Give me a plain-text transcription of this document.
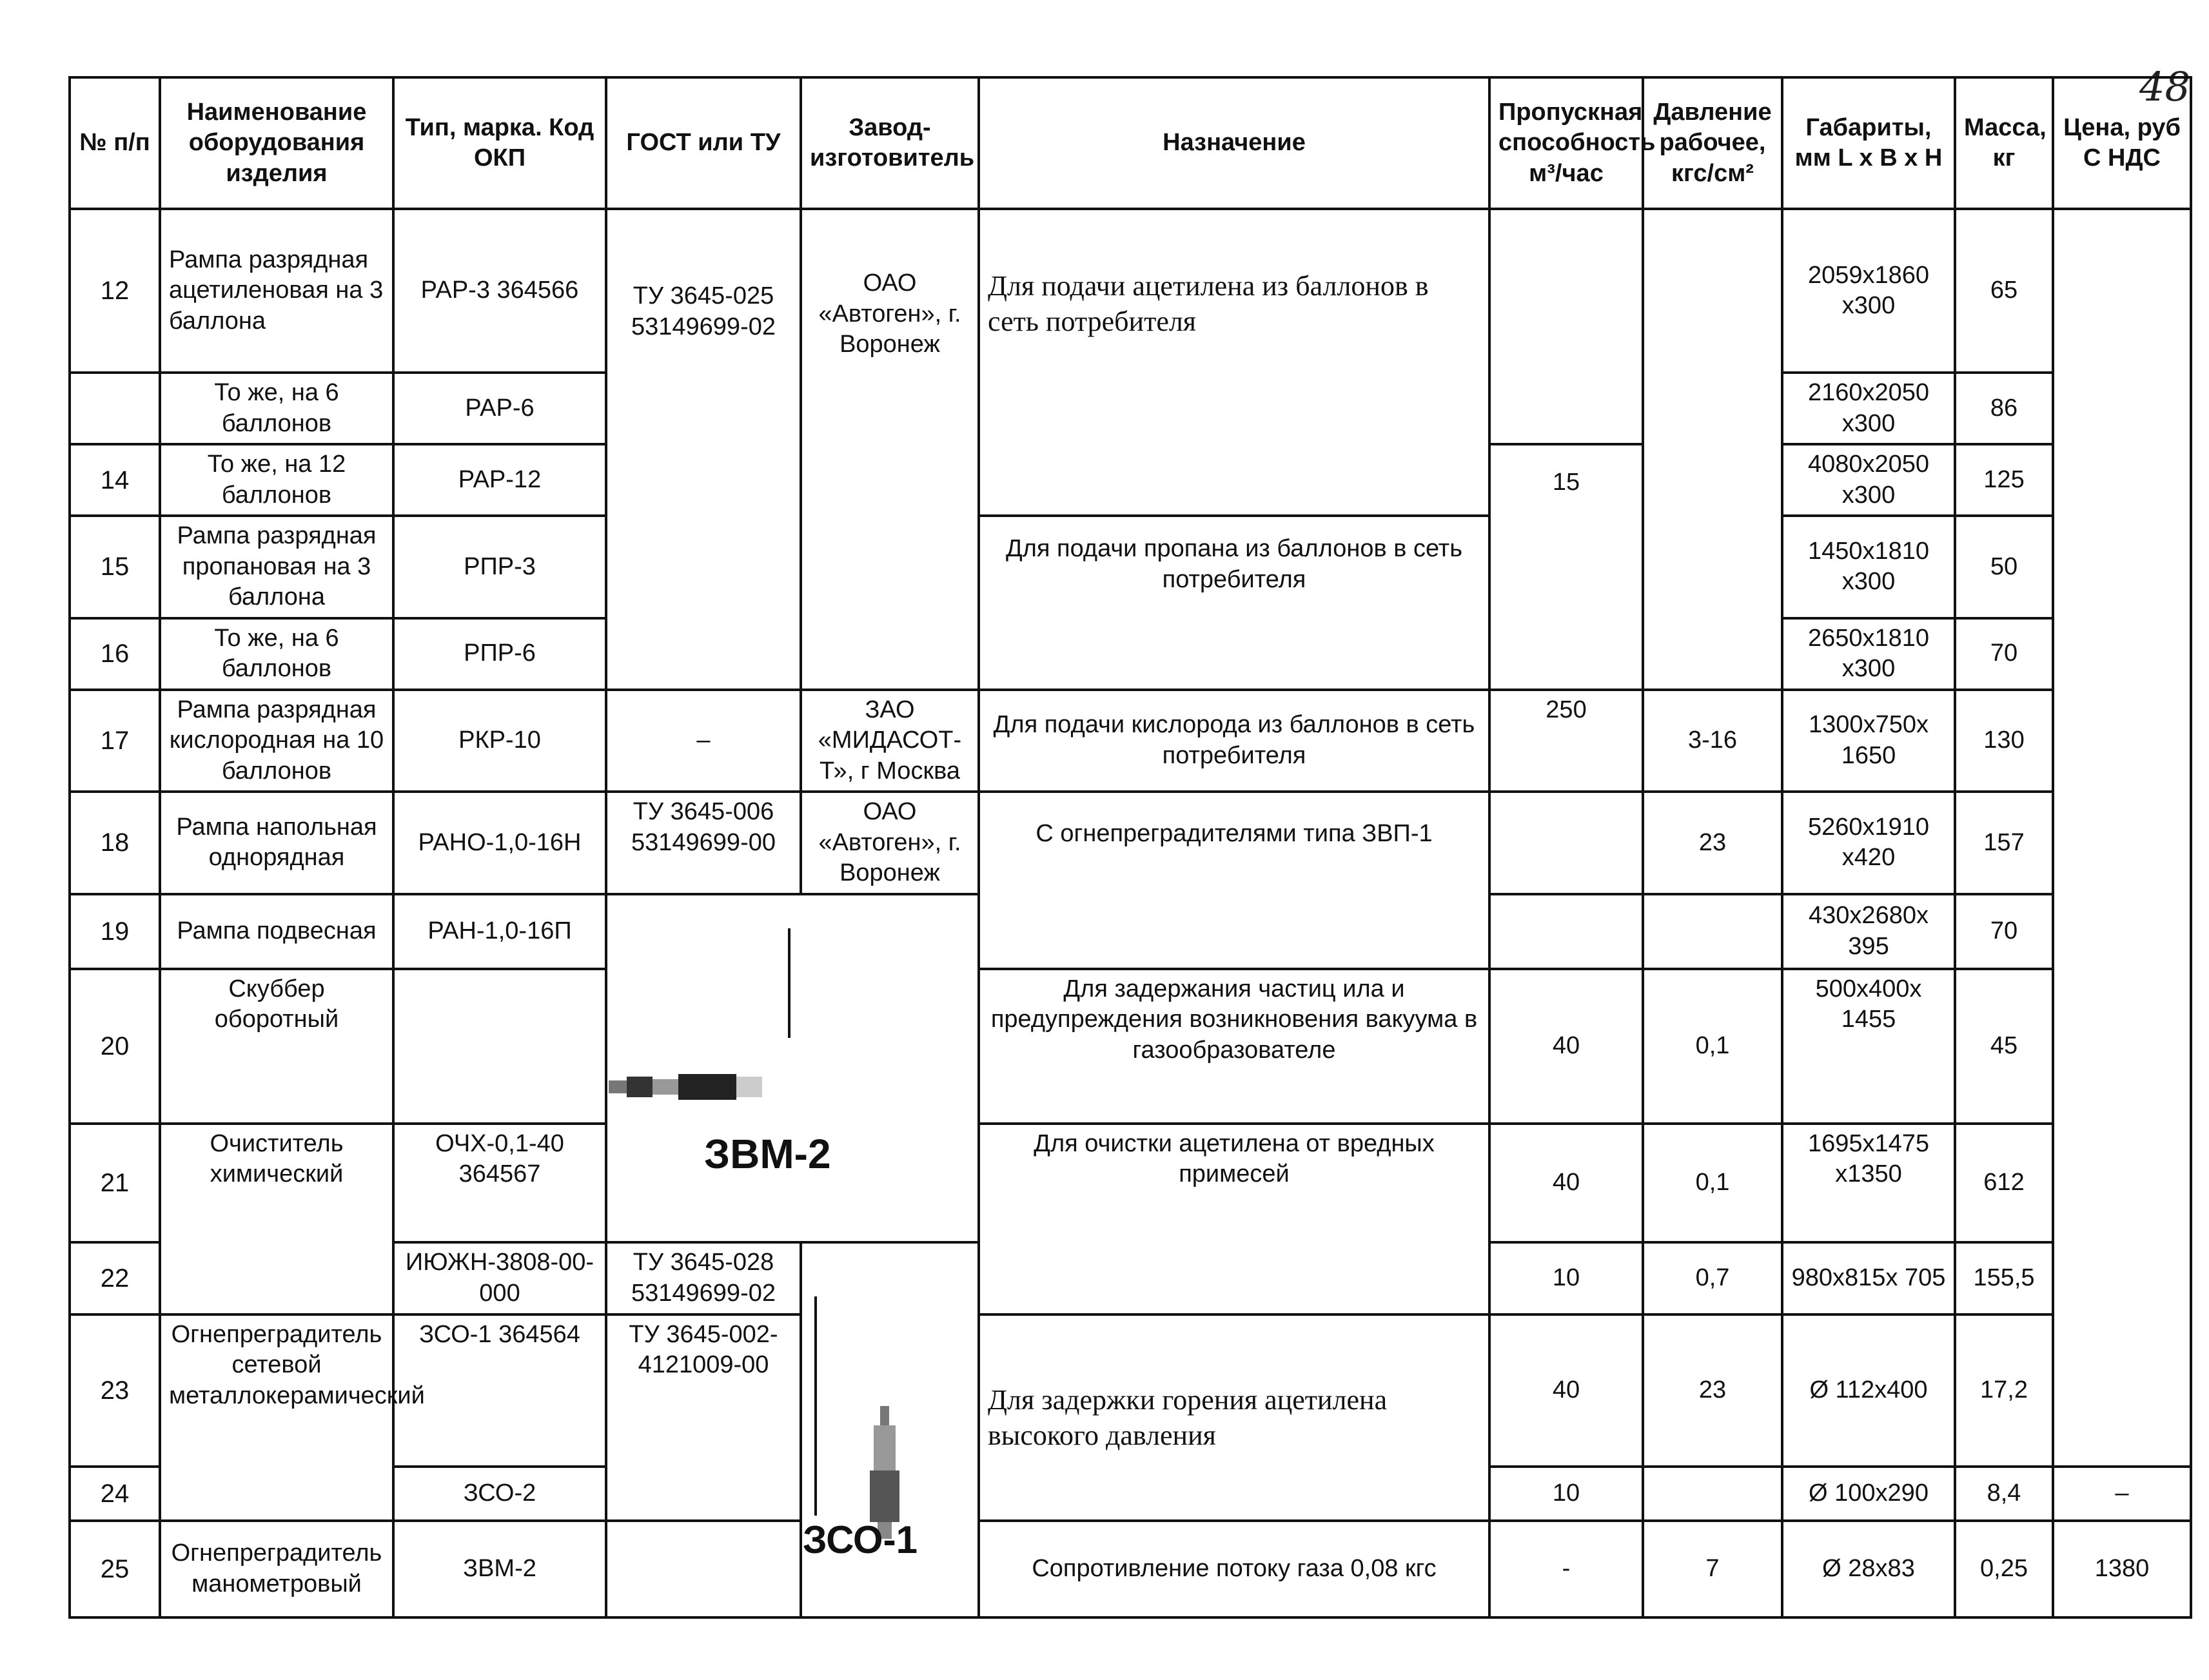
48
№ п/п	Наименование оборудования изделия	Тип, марка. Код ОКП	ГОСТ или ТУ	Завод-изготовитель	Назначение	Пропускная способность м³/час	Давление рабочее, кгс/см²	Габариты, мм L x B x H	Масса, кг	Цена, руб С НДС	
12	Рампа разрядная ацетиленовая на 3 баллона	РАР-3 364566	ТУ 3645-025 53149699-02	ОАО «Автоген», г. Воронеж	Для подачи ацетилена из баллонов в сеть потребителя			2059х1860 х300	65		
	То же, на 6 баллонов	РАР-6						2160х2050 х300	86		
14	То же, на 12 баллонов	РАР-12				15		4080х2050 х300	125		
15	Рампа разрядная пропановая на 3 баллона	РПР-3			Для подачи пропана из баллонов в сеть потребителя			1450х1810 х300	50		
16	То же, на 6 баллонов	РПР-6						2650х1810 х300	70		
17	Рампа разрядная кислородная на 10 баллонов	РКР-10	–	ЗАО «МИДАСОТ-Т», г Москва	Для подачи кислорода из баллонов в сеть потребителя	250	3-16	1300х750х 1650	130		
18	Рампа напольная однорядная	РАНО-1,0-16Н	ТУ 3645-006 53149699-00	ОАО «Автоген», г. Воронеж	С огнепреградителями типа ЗВП-1		23	5260х1910 х420	157		
19	Рампа подвесная	РАН-1,0-16П	ЗВМ-2					430х2680х 395	70		
20	Скуббер оборотный				Для задержания частиц ила и предупреждения возникновения вакуума в газообразователе	40	0,1	500х400х 1455	45		
21	Очиститель химический	ОЧХ-0,1-40 364567			Для очистки ацетилена от вредных примесей	40	0,1	1695х1475 х1350	612		
22		ИЮЖН-3808-00-000	ТУ 3645-028 53149699-02	ЗСО-1		10	0,7	980х815х 705	155,5		
23	Огнепреградитель сетевой металлокерамический	ЗСО-1 364564	ТУ 3645-002-4121009-00		Для задержки горения ацетилена высокого давления	40	23	Ø 112х400	17,2	
24		ЗСО-2				10		Ø 100х290	8,4	–	
25	Огнепреградитель манометровый	ЗВМ-2			Сопротивление потоку газа 0,08 кгс	-	7	Ø 28х83	0,25	1380	
